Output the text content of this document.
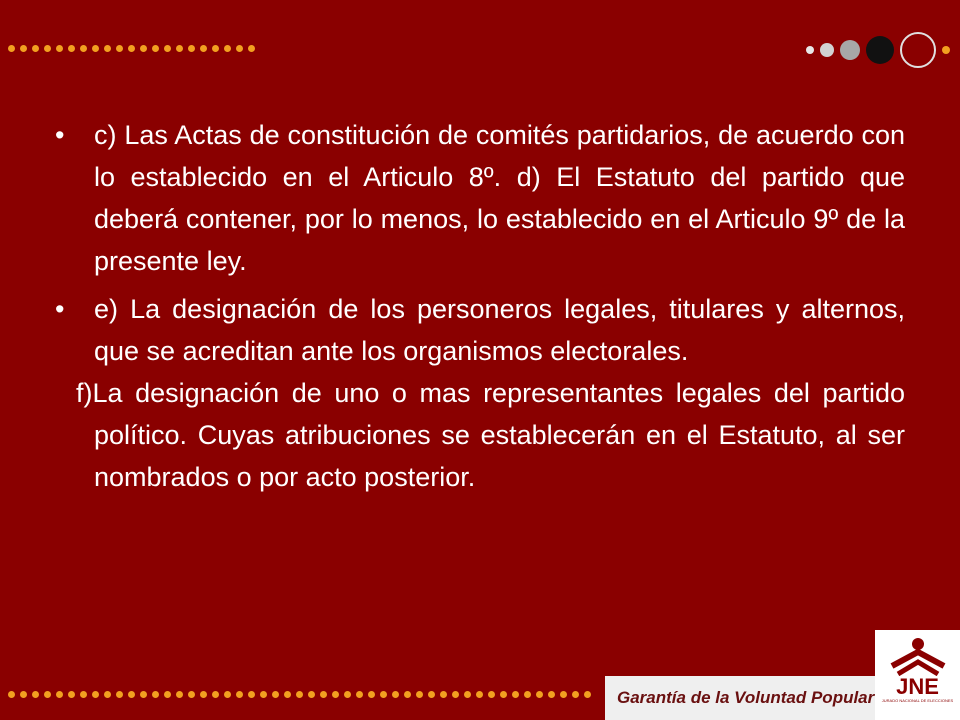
•	c) Las Actas de constitución de comités partidarios, de acuerdo con lo establecido en el Articulo 8º. d) El Estatuto del partido que deberá contener, por lo menos, lo establecido en el Articulo 9º de la presente ley.
•	e) La designación de los personeros legales, titulares y alternos, que se acreditan ante los organismos electorales.
f)La designación de uno o mas representantes legales del partido político. Cuyas atribuciones se establecerán en el Estatuto, al ser nombrados o por acto posterior.
Garantía de la Voluntad Popular JNE
JURADO NACIONAL DE ELECCIONES
